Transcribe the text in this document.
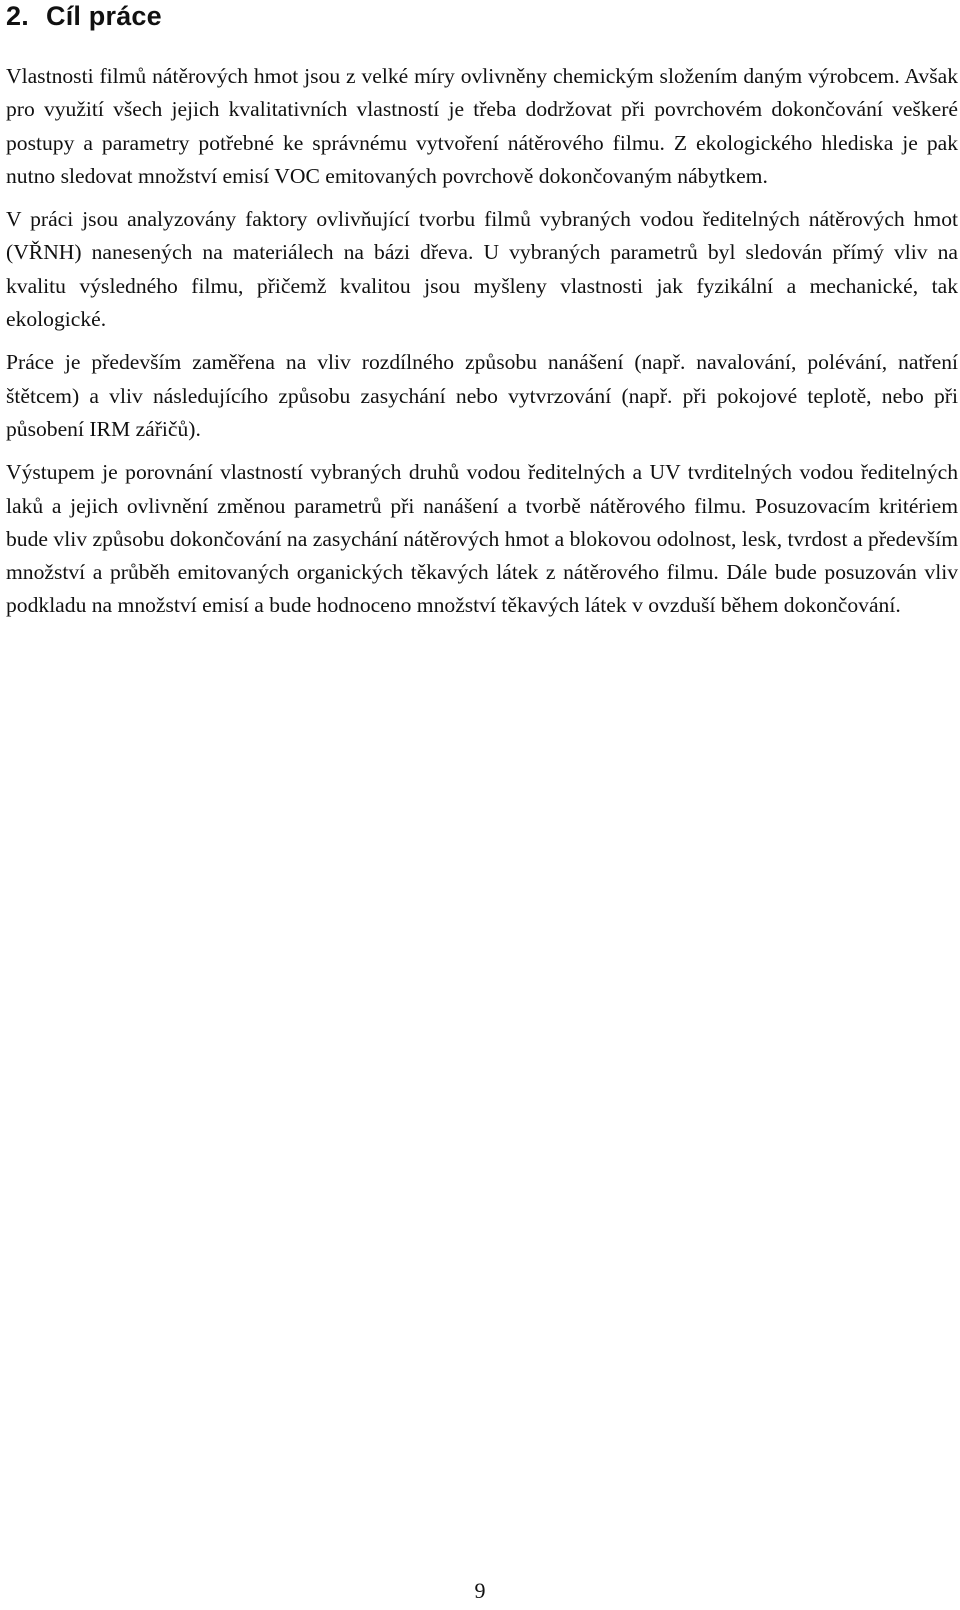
2. Cíl práce

Vlastnosti filmů nátěrových hmot jsou z velké míry ovlivněny chemickým složením daným výrobcem. Avšak pro využití všech jejich kvalitativních vlastností je třeba dodržovat při povrchovém dokončování veškeré postupy a parametry potřebné ke správnému vytvoření nátěrového filmu. Z ekologického hlediska je pak nutno sledovat množství emisí VOC emitovaných povrchově dokončovaným nábytkem.

V práci jsou analyzovány faktory ovlivňující tvorbu filmů vybraných vodou ředitelných nátěrových hmot (VŘNH) nanesených na materiálech na bázi dřeva. U vybraných parametrů byl sledován přímý vliv na kvalitu výsledného filmu, přičemž kvalitou jsou myšleny vlastnosti jak fyzikální a mechanické, tak ekologické.

Práce je především zaměřena na vliv rozdílného způsobu nanášení (např. navalování, polévání, natření štětcem) a vliv následujícího způsobu zasychání nebo vytvrzování (např. při pokojové teplotě, nebo při působení IRM zářičů).

Výstupem je porovnání vlastností vybraných druhů vodou ředitelných a UV tvrditelných vodou ředitelných laků a jejich ovlivnění změnou parametrů při nanášení a tvorbě nátěrového filmu. Posuzovacím kritériem bude vliv způsobu dokončování na zasychání nátěrových hmot a blokovou odolnost, lesk, tvrdost a především množství a průběh emitovaných organických těkavých látek z nátěrového filmu. Dále bude posuzován vliv podkladu na množství emisí a bude hodnoceno množství těkavých látek v ovzduší během dokončování.

9
